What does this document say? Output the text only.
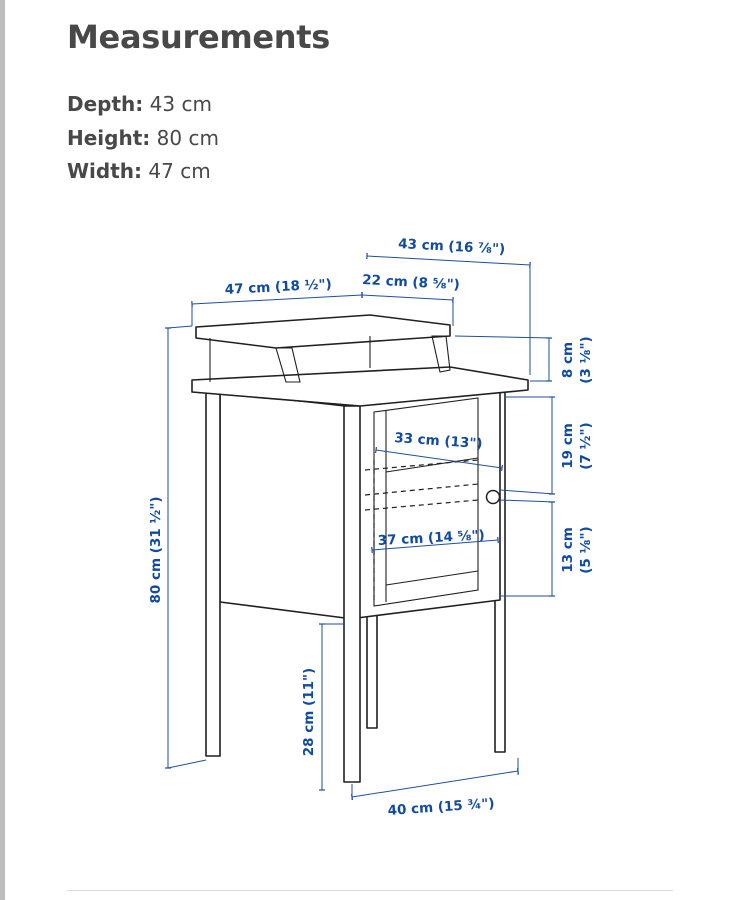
Measurements
Depth: 43 cm
Height: 80 cm
Width: 47 cm
43 cm (16 ⅞")
47 cm (18 ½") 22 cm (8 ⅝")
8 cm (3 ⅛")
19 cm (7 ½")
33 cm (13")
37 cm (14 ⅝")	13 cm (5 ⅛")
80 cm (31 ½")
28 cm (11")
40 cm (15 ¾")
